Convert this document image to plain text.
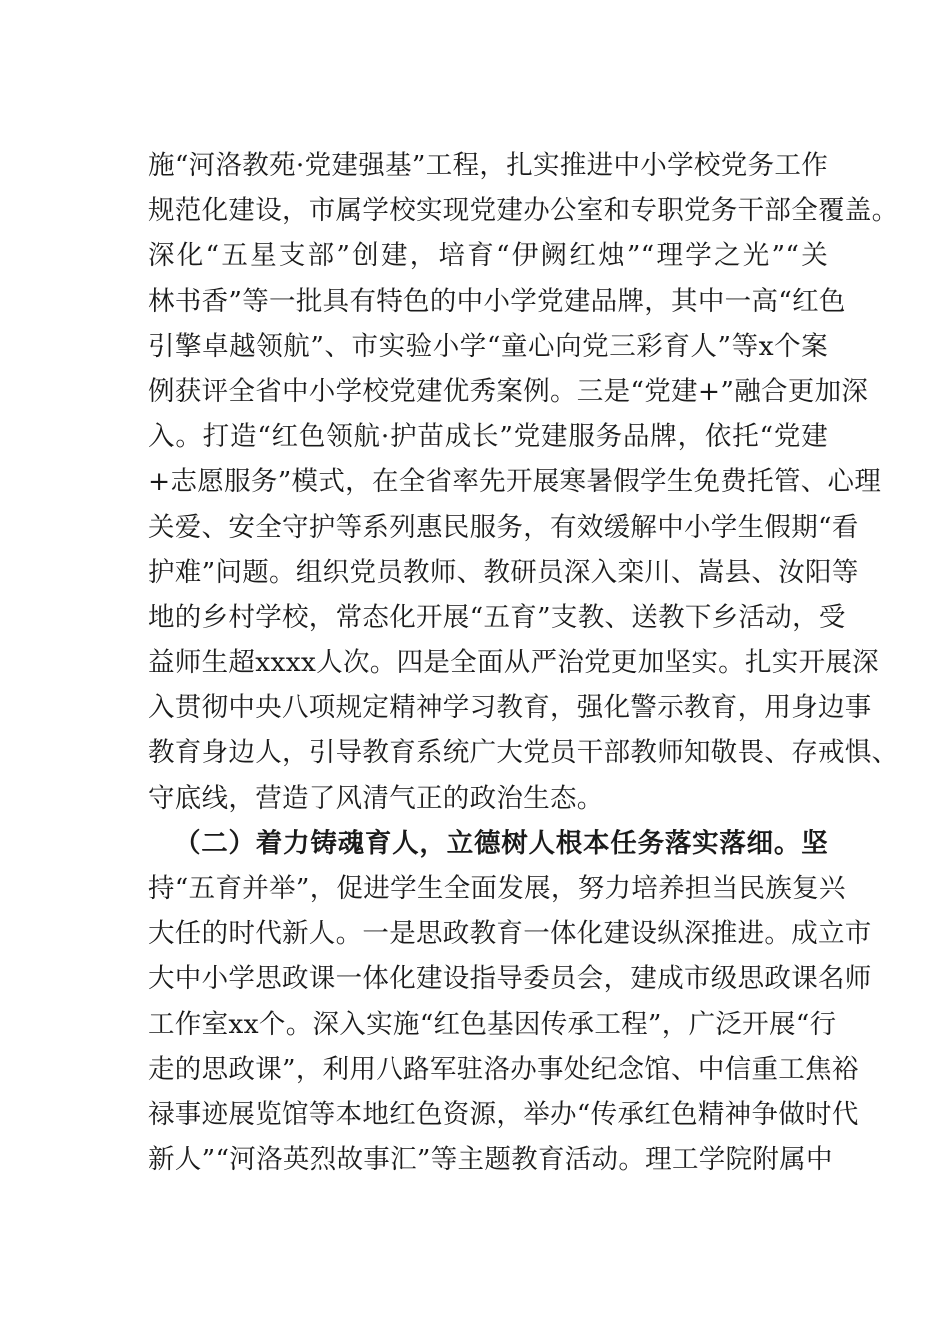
施“河洛教苑·党建强基”工程，扎实推进中小学校党务工作
规范化建设，市属学校实现党建办公室和专职党务干部全覆盖。
深化“五星支部”创建，培育“伊阙红烛”“理学之光”“关
林书香”等一批具有特色的中小学党建品牌，其中一高“红色
引擎卓越领航”、市实验小学“童心向党三彩育人”等x个案
例获评全省中小学校党建优秀案例。三是“党建+”融合更加深
入。打造“红色领航·护苗成长”党建服务品牌，依托“党建
+志愿服务”模式，在全省率先开展寒暑假学生免费托管、心理
关爱、安全守护等系列惠民服务，有效缓解中小学生假期“看
护难”问题。组织党员教师、教研员深入栾川、嵩县、汝阳等
地的乡村学校，常态化开展“五育”支教、送教下乡活动，受
益师生超xxxx人次。四是全面从严治党更加坚实。扎实开展深
入贯彻中央八项规定精神学习教育，强化警示教育，用身边事
教育身边人，引导教育系统广大党员干部教师知敬畏、存戒惧、
守底线，营造了风清气正的政治生态。
（二）着力铸魂育人，立德树人根本任务落实落细。坚
持“五育并举”，促进学生全面发展，努力培养担当民族复兴
大任的时代新人。一是思政教育一体化建设纵深推进。成立市
大中小学思政课一体化建设指导委员会，建成市级思政课名师
工作室xx个。深入实施“红色基因传承工程”，广泛开展“行
走的思政课”，利用八路军驻洛办事处纪念馆、中信重工焦裕
禄事迹展览馆等本地红色资源，举办“传承红色精神争做时代
新人”“河洛英烈故事汇”等主题教育活动。理工学院附属中
